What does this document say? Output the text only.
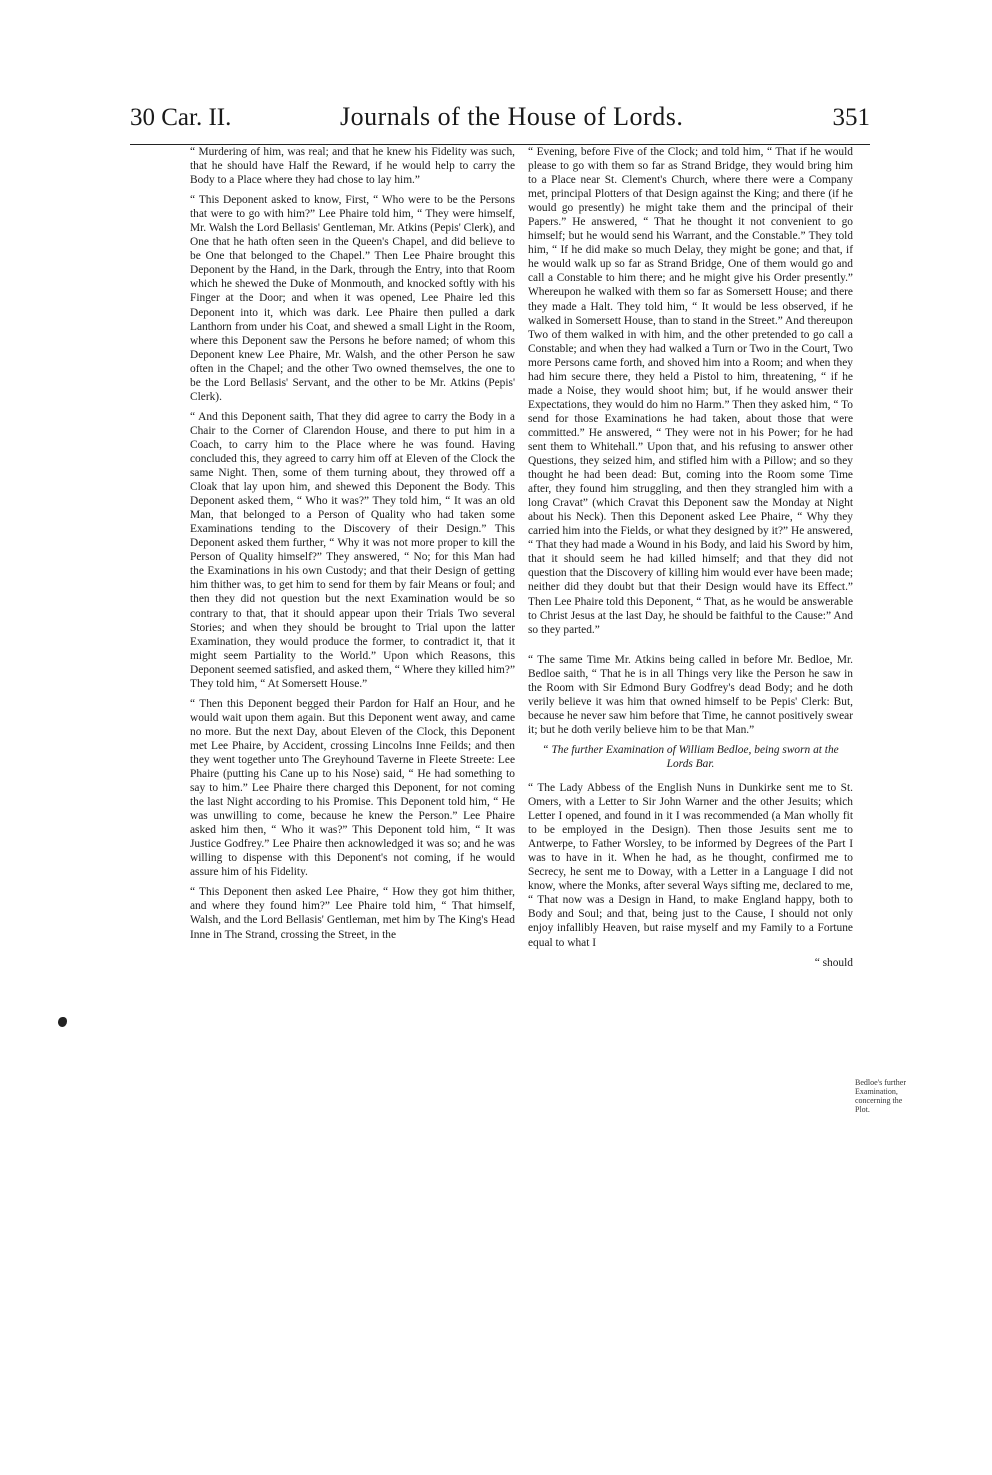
30 Car. II.	Journals of the House of Lords.	351

“ Murdering of him, was real; and that he knew his Fidelity was such, that he should have Half the Reward, if he would help to carry the Body to a Place where they had chose to lay him.”

“ This Deponent asked to know, First, “ Who were to be the Persons that were to go with him?” Lee Phaire told him, “ They were himself, Mr. Walsh the Lord Bellasis' Gentleman, Mr. Atkins (Pepis' Clerk), and One that he hath often seen in the Queen's Chapel, and did believe to be One that belonged to the Chapel.” Then Lee Phaire brought this Deponent by the Hand, in the Dark, through the Entry, into that Room which he shewed the Duke of Monmouth, and knocked softly with his Finger at the Door; and when it was opened, Lee Phaire led this Deponent into it, which was dark. Lee Phaire then pulled a dark Lanthorn from under his Coat, and shewed a small Light in the Room, where this Deponent saw the Persons he before named; of whom this Deponent knew Lee Phaire, Mr. Walsh, and the other Person he saw often in the Chapel; and the other Two owned themselves, the one to be the Lord Bellasis' Servant, and the other to be Mr. Atkins (Pepis' Clerk).

“ And this Deponent saith, That they did agree to carry the Body in a Chair to the Corner of Clarendon House, and there to put him in a Coach, to carry him to the Place where he was found. Having concluded this, they agreed to carry him off at Eleven of the Clock the same Night. Then, some of them turning about, they throwed off a Cloak that lay upon him, and shewed this Deponent the Body. This Deponent asked them, “ Who it was?” They told him, “ It was an old Man, that belonged to a Person of Quality who had taken some Examinations tending to the Discovery of their Design.” This Deponent asked them further, “ Why it was not more proper to kill the Person of Quality himself?” They answered, “ No; for this Man had the Examinations in his own Custody; and that their Design of getting him thither was, to get him to send for them by fair Means or foul; and then they did not question but the next Examination would be so contrary to that, that it should appear upon their Trials Two several Stories; and when they should be brought to Trial upon the latter Examination, they would produce the former, to contradict it, that it might seem Partiality to the World.” Upon which Reasons, this Deponent seemed satisfied, and asked them, “ Where they killed him?” They told him, “ At Somersett House.”

“ Then this Deponent begged their Pardon for Half an Hour, and he would wait upon them again. But this Deponent went away, and came no more. But the next Day, about Eleven of the Clock, this Deponent met Lee Phaire, by Accident, crossing Lincolns Inne Feilds; and then they went together unto The Greyhound Taverne in Fleete Streete: Lee Phaire (putting his Cane up to his Nose) said, “ He had something to say to him.” Lee Phaire there charged this Deponent, for not coming the last Night according to his Promise. This Deponent told him, “ He was unwilling to come, because he knew the Person.” Lee Phaire asked him then, “ Who it was?” This Deponent told him, “ It was Justice Godfrey.” Lee Phaire then acknowledged it was so; and he was willing to dispense with this Deponent's not coming, if he would assure him of his Fidelity.

“ This Deponent then asked Lee Phaire, “ How they got him thither, and where they found him?” Lee Phaire told him, “ That himself, Walsh, and the Lord Bellasis' Gentleman, met him by The King's Head Inne in The Strand, crossing the Street, in the

“ Evening, before Five of the Clock; and told him, “ That if he would please to go with them so far as Strand Bridge, they would bring him to a Place near St. Clement's Church, where there were a Company met, principal Plotters of that Design against the King; and there (if he would go presently) he might take them and the principal of their Papers.” He answered, “ That he thought it not convenient to go himself; but he would send his Warrant, and the Constable.” They told him, “ If he did make so much Delay, they might be gone; and that, if he would walk up so far as Strand Bridge, One of them would go and call a Constable to him there; and he might give his Order presently.” Whereupon he walked with them so far as Somersett House; and there they made a Halt. They told him, “ It would be less observed, if he walked in Somersett House, than to stand in the Street.” And thereupon Two of them walked in with him, and the other pretended to go call a Constable; and when they had walked a Turn or Two in the Court, Two more Persons came forth, and shoved him into a Room; and when they had him secure there, they held a Pistol to him, threatening, “ if he made a Noise, they would shoot him; but, if he would answer their Expectations, they would do him no Harm.” Then they asked him, “ To send for those Examinations he had taken, about those that were committed.” He answered, “ They were not in his Power; for he had sent them to Whitehall.” Upon that, and his refusing to answer other Questions, they seized him, and stifled him with a Pillow; and so they thought he had been dead: But, coming into the Room some Time after, they found him struggling, and then they strangled him with a long Cravat” (which Cravat this Deponent saw the Monday at Night about his Neck). Then this Deponent asked Lee Phaire, “ Why they carried him into the Fields, or what they designed by it?” He answered, “ That they had made a Wound in his Body, and laid his Sword by him, that it should seem he had killed himself; and that they did not question that the Discovery of killing him would ever have been made; neither did they doubt but that their Design would have its Effect.” Then Lee Phaire told this Deponent, “ That, as he would be answerable to Christ Jesus at the last Day, he should be faithful to the Cause:” And so they parted.”

“ The same Time Mr. Atkins being called in before Mr. Bedloe, Mr. Bedloe saith, “ That he is in all Things very like the Person he saw in the Room with Sir Edmond Bury Godfrey's dead Body; and he doth verily believe it was him that owned himself to be Pepis' Clerk: But, because he never saw him before that Time, he cannot positively swear it; but he doth verily believe him to be that Man.”

“ The further Examination of William Bedloe, being sworn at the Lords Bar.

“ The Lady Abbess of the English Nuns in Dunkirke sent me to St. Omers, with a Letter to Sir John Warner and the other Jesuits; which Letter I opened, and found in it I was recommended (a Man wholly fit to be employed in the Design). Then those Jesuits sent me to Antwerpe, to Father Worsley, to be informed by Degrees of the Part I was to have in it. When he had, as he thought, confirmed me to Secrecy, he sent me to Doway, with a Letter in a Language I did not know, where the Monks, after several Ways sifting me, declared to me, “ That now was a Design in Hand, to make England happy, both to Body and Soul; and that, being just to the Cause, I should not only enjoy infallibly Heaven, but raise myself and my Family to a Fortune equal to what I

“ should

Bedloe's further Examination, concerning the Plot.
